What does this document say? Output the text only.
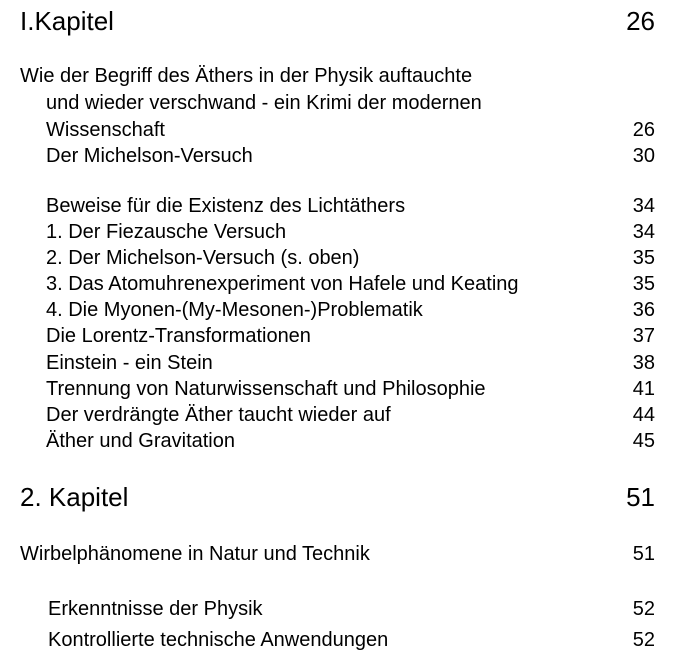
I.Kapitel	26
Wie der Begriff des Äthers in der Physik auftauchte
und wieder verschwand - ein Krimi der modernen
Wissenschaft	26
Der Michelson-Versuch	30
Beweise für die Existenz des Lichtäthers	34
1. Der Fiezausche Versuch	34
2. Der Michelson-Versuch (s. oben)	35
3. Das Atomuhrenexperiment von Hafele und Keating	35
4. Die Myonen-(My-Mesonen-)Problematik	36
Die Lorentz-Transformationen	37
Einstein - ein Stein	38
Trennung von Naturwissenschaft und Philosophie	41
Der verdrängte Äther taucht wieder auf	44
Äther und Gravitation	45
2. Kapitel	51
Wirbelphänomene in Natur und Technik	51
Erkenntnisse der Physik	52
Kontrollierte technische Anwendungen	52
